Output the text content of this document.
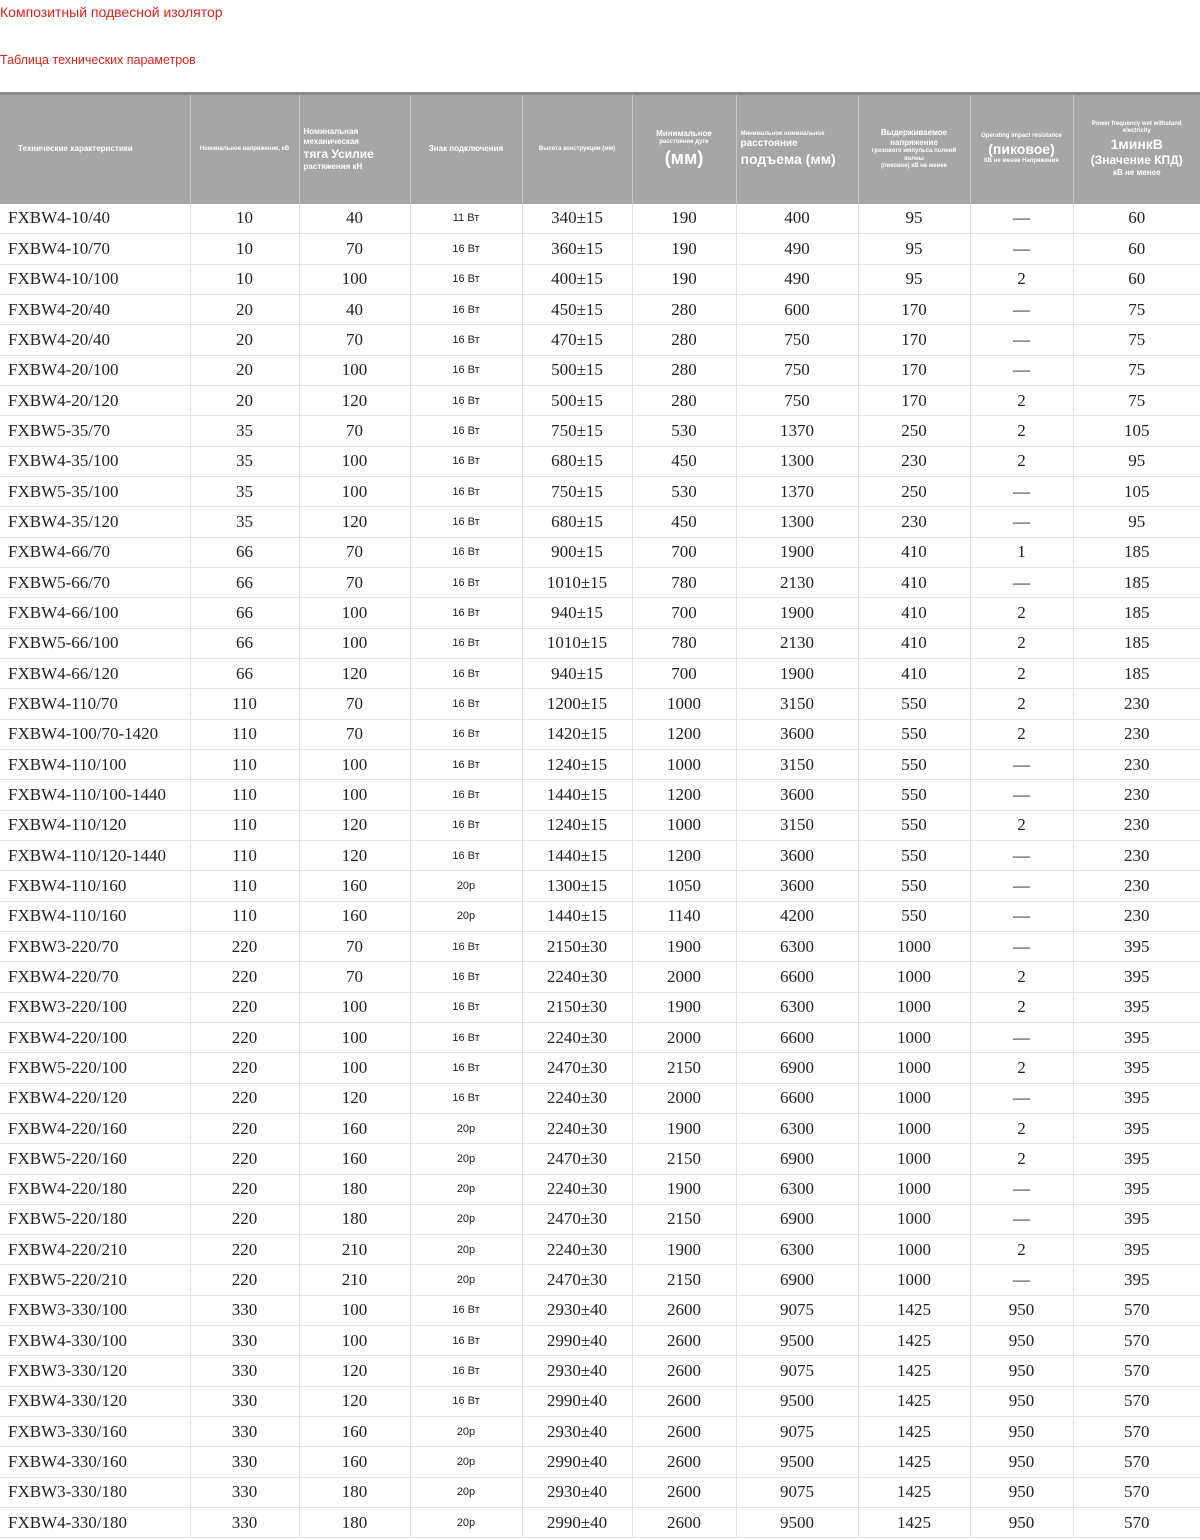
Композитный подвесной изолятор
Таблица технических параметров
Технические характеристики	Номинальное напряжение, кВ	Номинальная механическая
тяга Усилие
растяжения кН	Знак подключения	Высота конструкции (мм)	Минимальное
расстояние дуги
(мм)	Минимальное номинальное
расстояние
подъема (мм)	Выдерживаемое напряжение
грозового импульса полной волны
(пиковое) кВ не менее	Operating impact resistance
(пиковое)
КВ не менее Напряжения	Power frequency wet withstand electricity
1минкВ
(Значение КПД)
кВ не менее

FXBW4-10/40	10	40	11 Вт	340±15	190	400	95	—	60
FXBW4-10/70	10	70	16 Вт	360±15	190	490	95	—	60
FXBW4-10/100	10	100	16 Вт	400±15	190	490	95	2	60
FXBW4-20/40	20	40	16 Вт	450±15	280	600	170	—	75
FXBW4-20/40	20	70	16 Вт	470±15	280	750	170	—	75
FXBW4-20/100	20	100	16 Вт	500±15	280	750	170	—	75
FXBW4-20/120	20	120	16 Вт	500±15	280	750	170	2	75
FXBW5-35/70	35	70	16 Вт	750±15	530	1370	250	2	105
FXBW4-35/100	35	100	16 Вт	680±15	450	1300	230	2	95
FXBW5-35/100	35	100	16 Вт	750±15	530	1370	250	—	105
FXBW4-35/120	35	120	16 Вт	680±15	450	1300	230	—	95
FXBW4-66/70	66	70	16 Вт	900±15	700	1900	410	1	185
FXBW5-66/70	66	70	16 Вт	1010±15	780	2130	410	—	185
FXBW4-66/100	66	100	16 Вт	940±15	700	1900	410	2	185
FXBW5-66/100	66	100	16 Вт	1010±15	780	2130	410	2	185
FXBW4-66/120	66	120	16 Вт	940±15	700	1900	410	2	185
FXBW4-110/70	110	70	16 Вт	1200±15	1000	3150	550	2	230
FXBW4-100/70-1420	110	70	16 Вт	1420±15	1200	3600	550	2	230
FXBW4-110/100	110	100	16 Вт	1240±15	1000	3150	550	—	230
FXBW4-110/100-1440	110	100	16 Вт	1440±15	1200	3600	550	—	230
FXBW4-110/120	110	120	16 Вт	1240±15	1000	3150	550	2	230
FXBW4-110/120-1440	110	120	16 Вт	1440±15	1200	3600	550	—	230
FXBW4-110/160	110	160	20р	1300±15	1050	3600	550	—	230
FXBW4-110/160	110	160	20р	1440±15	1140	4200	550	—	230
FXBW3-220/70	220	70	16 Вт	2150±30	1900	6300	1000	—	395
FXBW4-220/70	220	70	16 Вт	2240±30	2000	6600	1000	2	395
FXBW3-220/100	220	100	16 Вт	2150±30	1900	6300	1000	2	395
FXBW4-220/100	220	100	16 Вт	2240±30	2000	6600	1000	—	395
FXBW5-220/100	220	100	16 Вт	2470±30	2150	6900	1000	2	395
FXBW4-220/120	220	120	16 Вт	2240±30	2000	6600	1000	—	395
FXBW4-220/160	220	160	20р	2240±30	1900	6300	1000	2	395
FXBW5-220/160	220	160	20р	2470±30	2150	6900	1000	2	395
FXBW4-220/180	220	180	20р	2240±30	1900	6300	1000	—	395
FXBW5-220/180	220	180	20р	2470±30	2150	6900	1000	—	395
FXBW4-220/210	220	210	20р	2240±30	1900	6300	1000	2	395
FXBW5-220/210	220	210	20р	2470±30	2150	6900	1000	—	395
FXBW3-330/100	330	100	16 Вт	2930±40	2600	9075	1425	950	570
FXBW4-330/100	330	100	16 Вт	2990±40	2600	9500	1425	950	570
FXBW3-330/120	330	120	16 Вт	2930±40	2600	9075	1425	950	570
FXBW4-330/120	330	120	16 Вт	2990±40	2600	9500	1425	950	570
FXBW3-330/160	330	160	20р	2930±40	2600	9075	1425	950	570
FXBW4-330/160	330	160	20р	2990±40	2600	9500	1425	950	570
FXBW3-330/180	330	180	20р	2930±40	2600	9075	1425	950	570
FXBW4-330/180	330	180	20р	2990±40	2600	9500	1425	950	570
